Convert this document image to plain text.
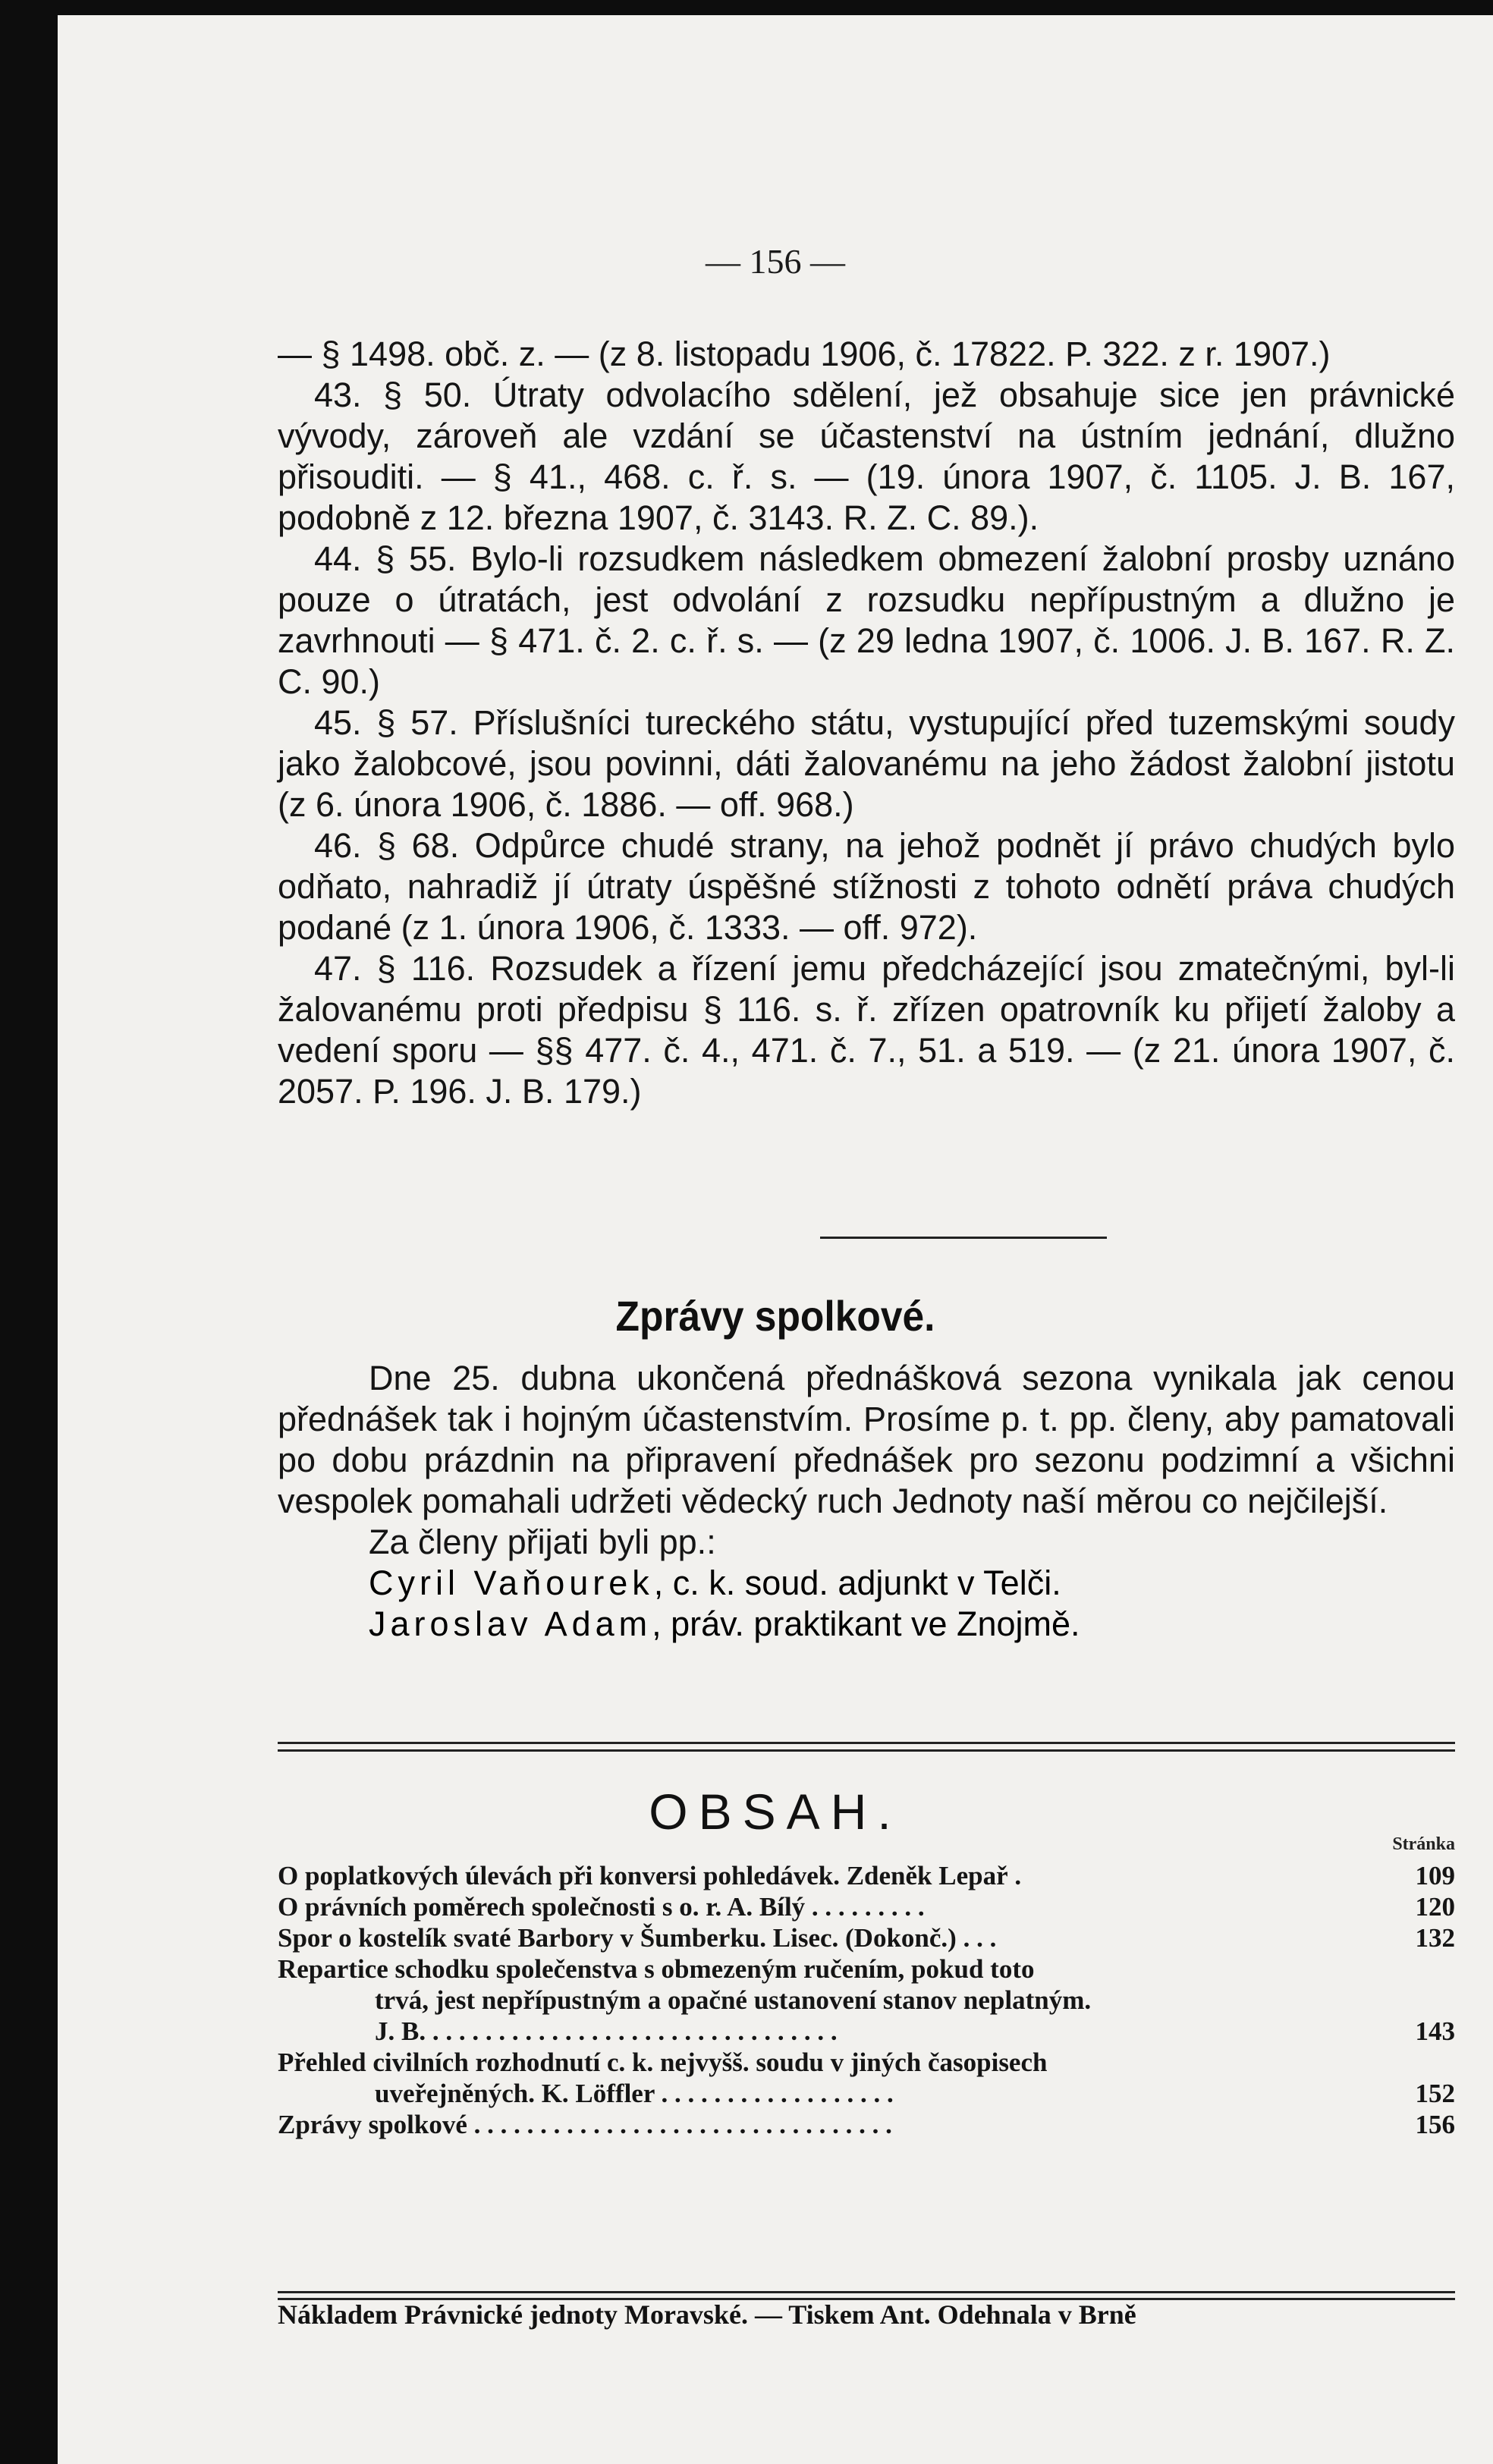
— 156 —

— § 1498. obč. z. — (z 8. listopadu 1906, č. 17822. P. 322. z r. 1907.)

43. § 50. Útraty odvolacího sdělení, jež obsahuje sice jen právnické vývody, zároveň ale vzdání se účastenství na ústním jednání, dlužno přisouditi. — § 41., 468. c. ř. s. — (19. února 1907, č. 1105. J. B. 167, podobně z 12. března 1907, č. 3143. R. Z. C. 89.).

44. § 55. Bylo-li rozsudkem následkem obmezení žalobní prosby uznáno pouze o útratách, jest odvolání z rozsudku nepřípustným a dlužno je zavrhnouti — § 471. č. 2. c. ř. s. — (z 29 ledna 1907, č. 1006. J. B. 167. R. Z. C. 90.)

45. § 57. Příslušníci tureckého státu, vystupující před tuzemskými soudy jako žalobcové, jsou povinni, dáti žalovanému na jeho žádost žalobní jistotu (z 6. února 1906, č. 1886. — off. 968.)

46. § 68. Odpůrce chudé strany, na jehož podnět jí právo chudých bylo odňato, nahradiž jí útraty úspěšné stížnosti z tohoto odnětí práva chudých podané (z 1. února 1906, č. 1333. — off. 972).

47. § 116. Rozsudek a řízení jemu předcházející jsou zmatečnými, byl-li žalovanému proti předpisu § 116. s. ř. zřízen opatrovník ku přijetí žaloby a vedení sporu — §§ 477. č. 4., 471. č. 7., 51. a 519. — (z 21. února 1907, č. 2057. P. 196. J. B. 179.)

Zprávy spolkové.

Dne 25. dubna ukončená přednášková sezona vynikala jak cenou přednášek tak i hojným účastenstvím. Prosíme p. t. pp. členy, aby pamatovali po dobu prázdnin na připravení přednášek pro sezonu podzimní a všichni vespolek pomahali udržeti vědecký ruch Jednoty naší měrou co nejčilejší.

Za členy přijati byli pp.:

Cyril Vaňourek, c. k. soud. adjunkt v Telči.
Jaroslav Adam, práv. praktikant ve Znojmě.
OBSAH.
Stránka
O poplatkových úlevách při konversi pohledávek. Zdeněk Lepař .	109
O právních poměrech společnosti s o. r. A. Bílý . . . . . . . . .	120
Spor o kostelík svaté Barbory v Šumberku. Lisec. (Dokonč.) . . .	132
Repartice schodku společenstva s obmezeným ručením, pokud toto
trvá, jest nepřípustným a opačné ustanovení stanov neplatným.
J. B. . . . . . . . . . . . . . . . . . . . . . . . . . . . . . . .	143
Přehled civilních rozhodnutí c. k. nejvyšš. soudu v jiných časopisech
uveřejněných. K. Löffler . . . . . . . . . . . . . . . . . .	152
Zprávy spolkové . . . . . . . . . . . . . . . . . . . . . . . . . . . . . . . .	156
Nákladem Právnické jednoty Moravské. — Tiskem Ant. Odehnala v Brně
